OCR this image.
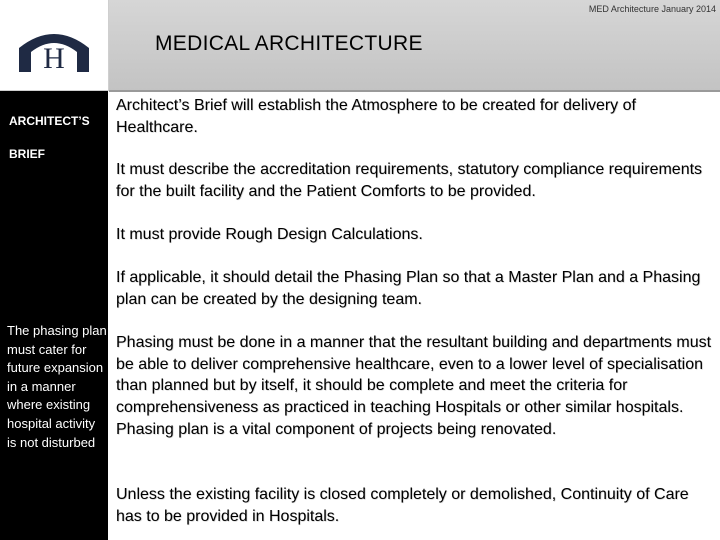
H
MED Architecture January 2014
MEDICAL ARCHITECTURE
ARCHITECT’S
BRIEF
The phasing plan must cater for future expansion in a manner where existing hospital activity is not disturbed
Architect’s Brief will establish the Atmosphere to be created for delivery of Healthcare.
It must describe the accreditation requirements, statutory compliance requirements for the built facility and the Patient Comforts to be provided.
It must provide Rough Design Calculations.
If applicable, it should detail the Phasing Plan so that a Master Plan and a Phasing plan can be created by the designing team.
Phasing must be done in a manner that the resultant building and departments must be able to deliver comprehensive healthcare, even to a lower level of specialisation than planned but by itself, it should be complete and meet the criteria for comprehensiveness as practiced in teaching Hospitals or other similar hospitals. Phasing plan is a vital component of projects being renovated.
Unless the existing facility is closed completely or demolished, Continuity of Care has to be provided in Hospitals.
